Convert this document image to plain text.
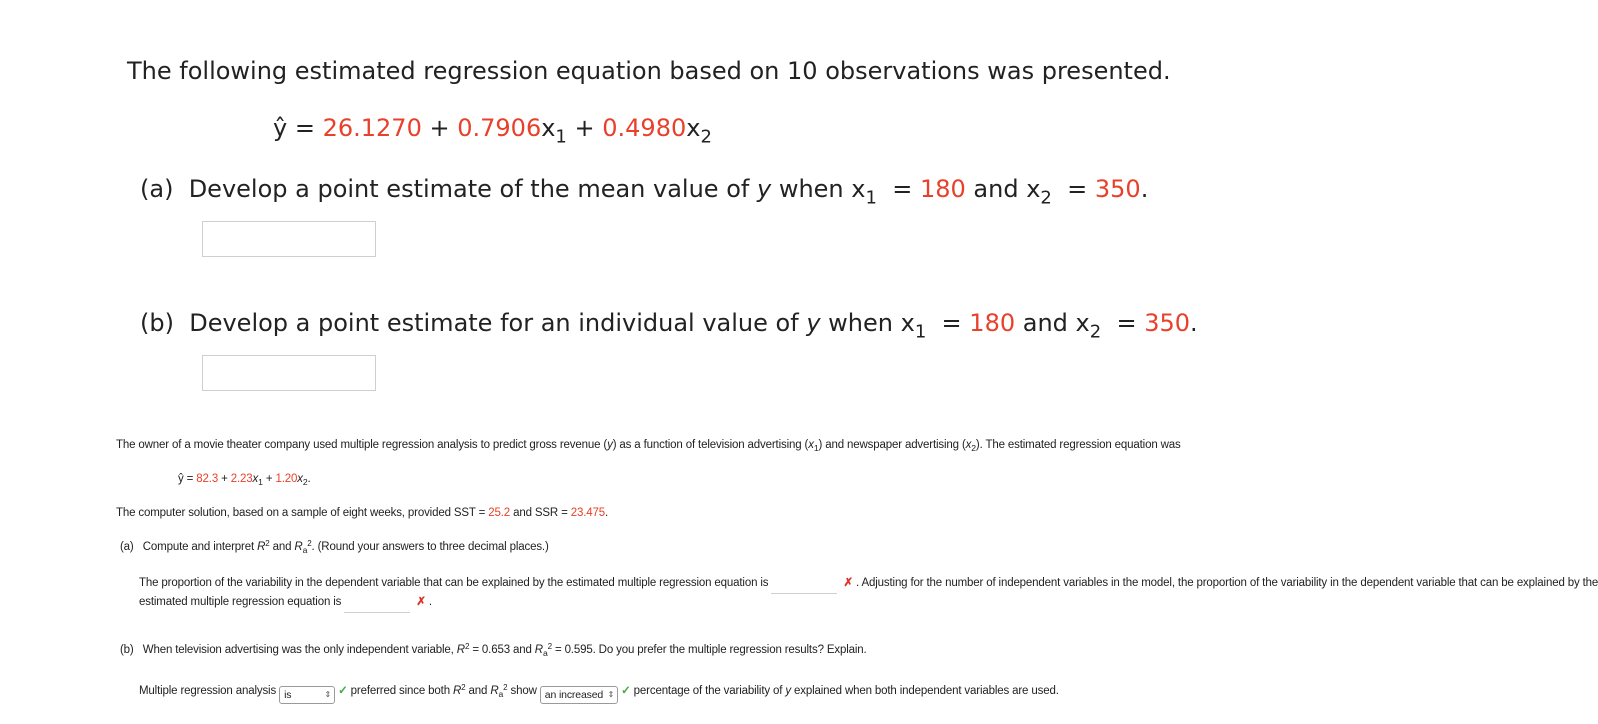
The following estimated regression equation based on 10 observations was presented.
ŷ = $26.1270 + 0.7906x_1 + 0.4980x_2$
(a) Develop a point estimate of the mean value of y when $x_1 = 180$ and $x_2 = 350$.
(b) Develop a point estimate for an individual value of y when $x_1 = 180$ and $x_2 = 350$.
The owner of a movie theater company used multiple regression analysis to predict gross revenue (y) as a function of television advertising $(x_1)$ and newspaper advertising $(x_2)$. The estimated regression equation was
ŷ = $82.3 + 2.23x_1 + 1.20x_2$.
The computer solution, based on a sample of eight weeks, provided SST = 25.2 and SSR = 23.475.
(a) Compute and interpret $R^2$ and $R_a^2$. (Round your answers to three decimal places.)
The proportion of the variability in the dependent variable that can be explained by the estimated multiple regression equation is	✗ . Adjusting for the number of independent variables in the model, the proportion of the variability in the dependent variable that can be explained by the
estimated multiple regression equation is	✗ .
(b) When television advertising was the only independent variable, $R^2 = 0.653$ and $R_a^2 = 0.595$. Do you prefer the multiple regression results? Explain.
Multiple regression analysis is	⇕ ✓ preferred since both $R^2$ and $R_a^2$ show an increased ⇕ ✓ percentage of the variability of y explained when both independent variables are used.
